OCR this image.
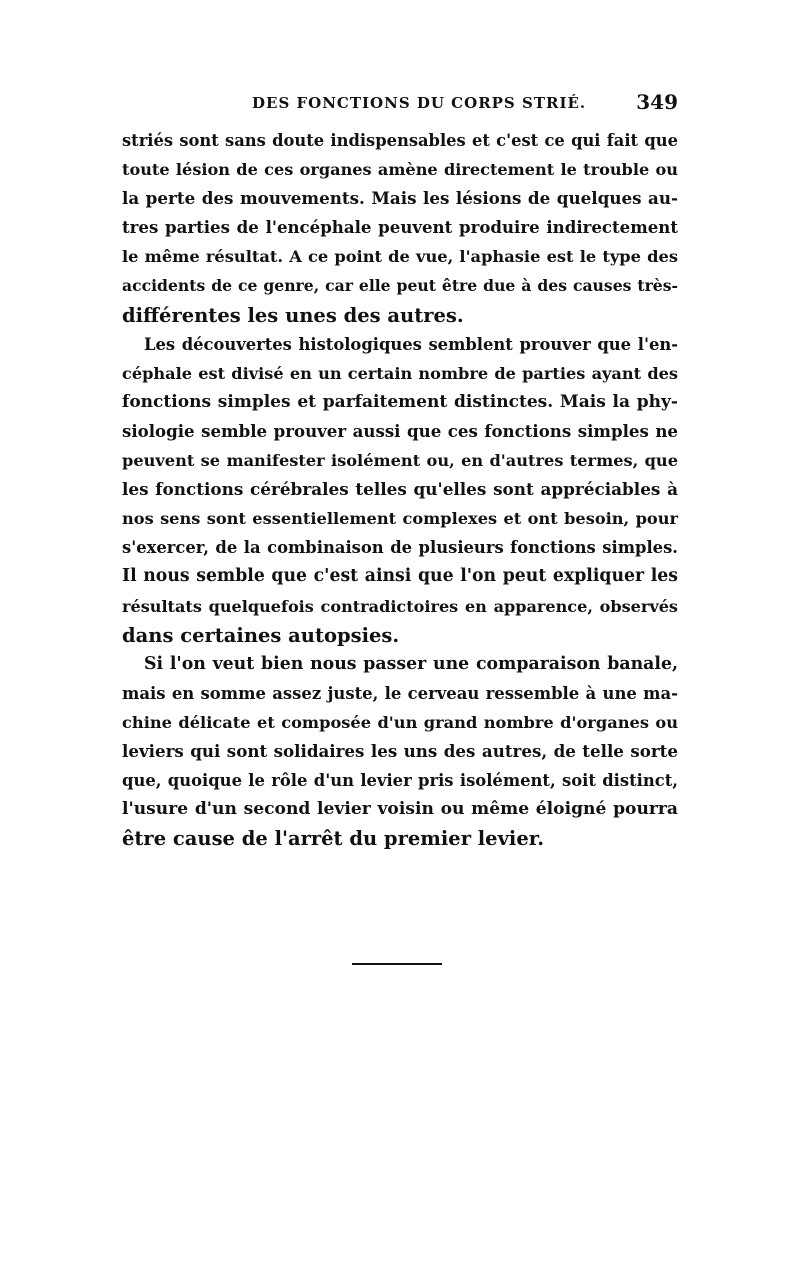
DES FONCTIONS DU CORPS STRIÉ.	349
striés sont sans doute indispensables et c'est ce qui fait que
toute lésion de ces organes amène directement le trouble ou
la perte des mouvements. Mais les lésions de quelques au-
tres parties de l'encéphale peuvent produire indirectement
le même résultat. A ce point de vue, l'aphasie est le type des
accidents de ce genre, car elle peut être due à des causes très-
différentes les unes des autres.
Les découvertes histologiques semblent prouver que l'en-
céphale est divisé en un certain nombre de parties ayant des
fonctions simples et parfaitement distinctes. Mais la phy-
siologie semble prouver aussi que ces fonctions simples ne
peuvent se manifester isolément ou, en d'autres termes, que
les fonctions cérébrales telles qu'elles sont appréciables à
nos sens sont essentiellement complexes et ont besoin, pour
s'exercer, de la combinaison de plusieurs fonctions simples.
Il nous semble que c'est ainsi que l'on peut expliquer les
résultats quelquefois contradictoires en apparence, observés
dans certaines autopsies.
Si l'on veut bien nous passer une comparaison banale,
mais en somme assez juste, le cerveau ressemble à une ma-
chine délicate et composée d'un grand nombre d'organes ou
leviers qui sont solidaires les uns des autres, de telle sorte
que, quoique le rôle d'un levier pris isolément, soit distinct,
l'usure d'un second levier voisin ou même éloigné pourra
être cause de l'arrêt du premier levier.
